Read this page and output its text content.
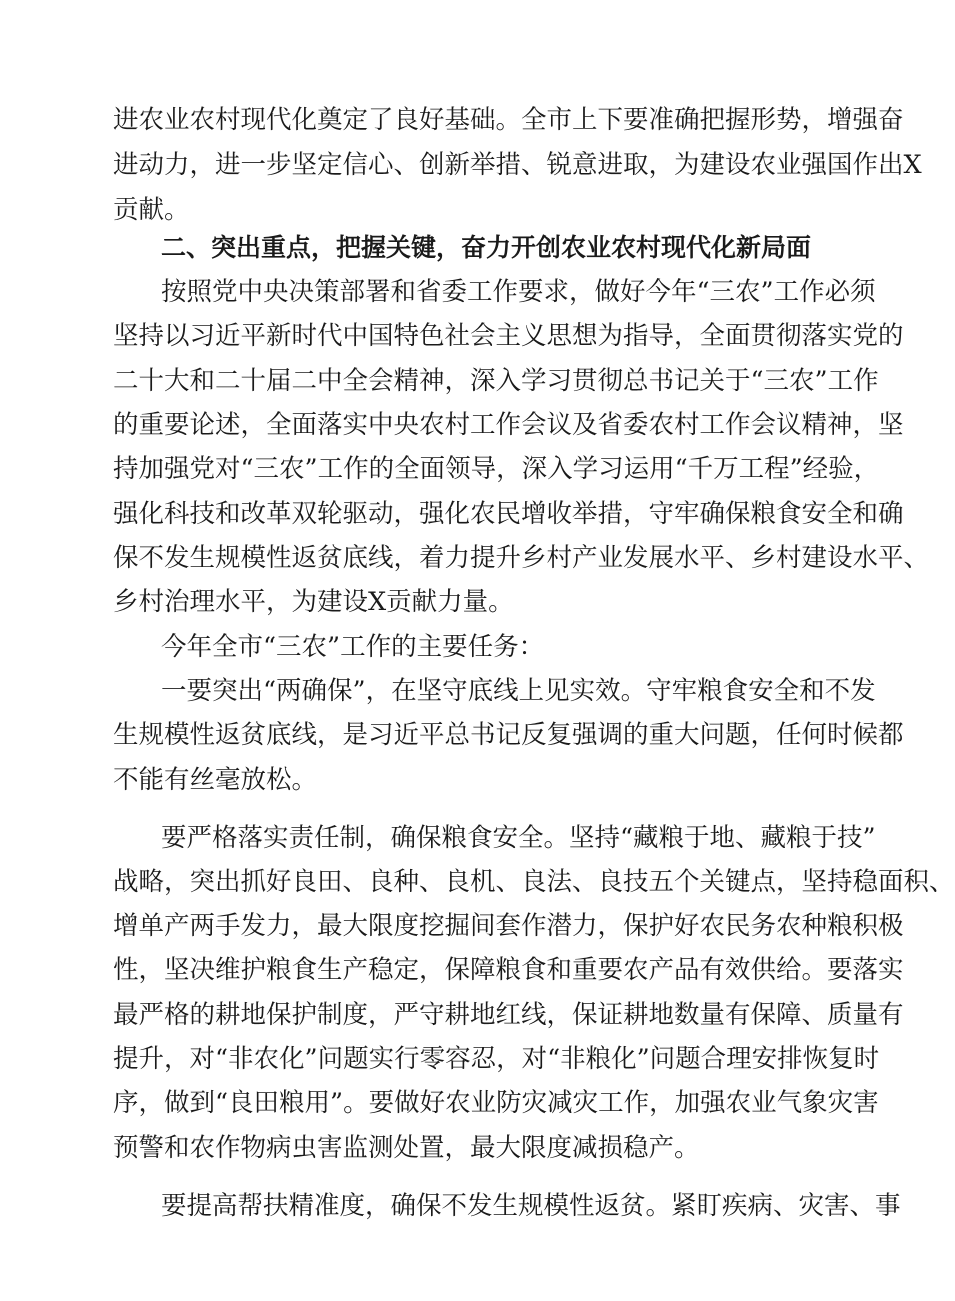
进农业农村现代化奠定了良好基础。全市上下要准确把握形势，增强奋
进动力，进一步坚定信心、创新举措、锐意进取，为建设农业强国作出X
贡献。
二、突出重点，把握关键，奋力开创农业农村现代化新局面
按照党中央决策部署和省委工作要求，做好今年“三农”工作必须
坚持以习近平新时代中国特色社会主义思想为指导，全面贯彻落实党的
二十大和二十届二中全会精神，深入学习贯彻总书记关于“三农”工作
的重要论述，全面落实中央农村工作会议及省委农村工作会议精神，坚
持加强党对“三农”工作的全面领导，深入学习运用“千万工程”经验，
强化科技和改革双轮驱动，强化农民增收举措，守牢确保粮食安全和确
保不发生规模性返贫底线，着力提升乡村产业发展水平、乡村建设水平、
乡村治理水平，为建设X贡献力量。
今年全市“三农”工作的主要任务：
一要突出“两确保”，在坚守底线上见实效。守牢粮食安全和不发
生规模性返贫底线，是习近平总书记反复强调的重大问题，任何时候都
不能有丝毫放松。
要严格落实责任制，确保粮食安全。坚持“藏粮于地、藏粮于技”
战略，突出抓好良田、良种、良机、良法、良技五个关键点，坚持稳面积、
增单产两手发力，最大限度挖掘间套作潜力，保护好农民务农种粮积极
性，坚决维护粮食生产稳定，保障粮食和重要农产品有效供给。要落实
最严格的耕地保护制度，严守耕地红线，保证耕地数量有保障、质量有
提升，对“非农化”问题实行零容忍，对“非粮化”问题合理安排恢复时
序，做到“良田粮用”。要做好农业防灾减灾工作，加强农业气象灾害
预警和农作物病虫害监测处置，最大限度减损稳产。
要提高帮扶精准度，确保不发生规模性返贫。紧盯疾病、灾害、事
